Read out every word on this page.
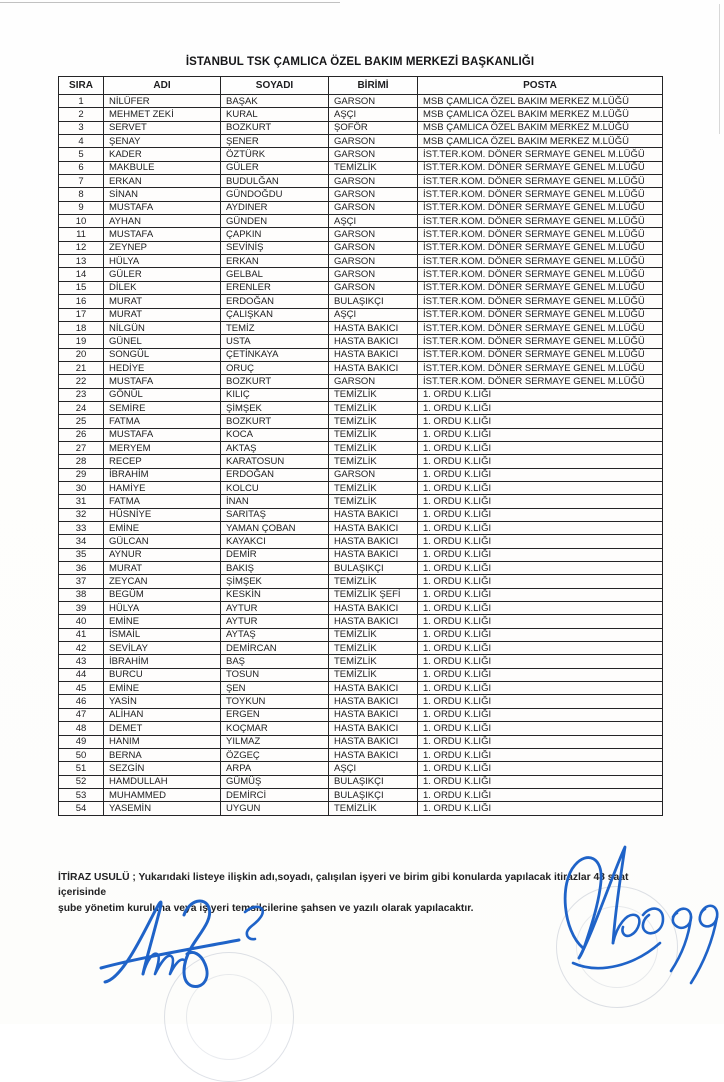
İSTANBUL TSK ÇAMLICA ÖZEL BAKIM MERKEZİ BAŞKANLIĞI
SIRA	ADI	SOYADI	BİRİMİ	POSTA
1	NİLÜFER	BAŞAK	GARSON	MSB ÇAMLICA ÖZEL BAKIM MERKEZ M.LÜĞÜ
2	MEHMET ZEKİ	KURAL	AŞÇI	MSB ÇAMLICA ÖZEL BAKIM MERKEZ M.LÜĞÜ
3	SERVET	BOZKURT	ŞOFÖR	MSB ÇAMLICA ÖZEL BAKIM MERKEZ M.LÜĞÜ
4	ŞENAY	ŞENER	GARSON	MSB ÇAMLICA ÖZEL BAKIM MERKEZ M.LÜĞÜ
5	KADER	ÖZTÜRK	GARSON	İST.TER.KOM. DÖNER SERMAYE GENEL M.LÜĞÜ
6	MAKBULE	GÜLER	TEMİZLİK	İST.TER.KOM. DÖNER SERMAYE GENEL M.LÜĞÜ
7	ERKAN	BUDULĞAN	GARSON	İST.TER.KOM. DÖNER SERMAYE GENEL M.LÜĞÜ
8	SİNAN	GÜNDOĞDU	GARSON	İST.TER.KOM. DÖNER SERMAYE GENEL M.LÜĞÜ
9	MUSTAFA	AYDINER	GARSON	İST.TER.KOM. DÖNER SERMAYE GENEL M.LÜĞÜ
10	AYHAN	GÜNDEN	AŞÇI	İST.TER.KOM. DÖNER SERMAYE GENEL M.LÜĞÜ
11	MUSTAFA	ÇAPKIN	GARSON	İST.TER.KOM. DÖNER SERMAYE GENEL M.LÜĞÜ
12	ZEYNEP	SEVİNİŞ	GARSON	İST.TER.KOM. DÖNER SERMAYE GENEL M.LÜĞÜ
13	HÜLYA	ERKAN	GARSON	İST.TER.KOM. DÖNER SERMAYE GENEL M.LÜĞÜ
14	GÜLER	GELBAL	GARSON	İST.TER.KOM. DÖNER SERMAYE GENEL M.LÜĞÜ
15	DİLEK	ERENLER	GARSON	İST.TER.KOM. DÖNER SERMAYE GENEL M.LÜĞÜ
16	MURAT	ERDOĞAN	BULAŞIKÇI	İST.TER.KOM. DÖNER SERMAYE GENEL M.LÜĞÜ
17	MURAT	ÇALIŞKAN	AŞÇI	İST.TER.KOM. DÖNER SERMAYE GENEL M.LÜĞÜ
18	NİLGÜN	TEMİZ	HASTA BAKICI	İST.TER.KOM. DÖNER SERMAYE GENEL M.LÜĞÜ
19	GÜNEL	USTA	HASTA BAKICI	İST.TER.KOM. DÖNER SERMAYE GENEL M.LÜĞÜ
20	SONGÜL	ÇETİNKAYA	HASTA BAKICI	İST.TER.KOM. DÖNER SERMAYE GENEL M.LÜĞÜ
21	HEDİYE	ORUÇ	HASTA BAKICI	İST.TER.KOM. DÖNER SERMAYE GENEL M.LÜĞÜ
22	MUSTAFA	BOZKURT	GARSON	İST.TER.KOM. DÖNER SERMAYE GENEL M.LÜĞÜ
23	GÖNÜL	KILIÇ	TEMİZLİK	1. ORDU K.LIĞI
24	SEMİRE	ŞİMŞEK	TEMİZLİK	1. ORDU K.LIĞI
25	FATMA	BOZKURT	TEMİZLİK	1. ORDU K.LIĞI
26	MUSTAFA	KOCA	TEMİZLİK	1. ORDU K.LIĞI
27	MERYEM	AKTAŞ	TEMİZLİK	1. ORDU K.LIĞI
28	RECEP	KARATOSUN	TEMİZLİK	1. ORDU K.LIĞI
29	İBRAHİM	ERDOĞAN	GARSON	1. ORDU K.LIĞI
30	HAMİYE	KOLCU	TEMİZLİK	1. ORDU K.LIĞI
31	FATMA	İNAN	TEMİZLİK	1. ORDU K.LIĞI
32	HÜSNİYE	SARITAŞ	HASTA BAKICI	1. ORDU K.LIĞI
33	EMİNE	YAMAN ÇOBAN	HASTA BAKICI	1. ORDU K.LIĞI
34	GÜLCAN	KAYAKCI	HASTA BAKICI	1. ORDU K.LIĞI
35	AYNUR	DEMİR	HASTA BAKICI	1. ORDU K.LIĞI
36	MURAT	BAKIŞ	BULAŞIKÇI	1. ORDU K.LIĞI
37	ZEYCAN	ŞİMŞEK	TEMİZLİK	1. ORDU K.LIĞI
38	BEGÜM	KESKİN	TEMİZLİK ŞEFİ	1. ORDU K.LIĞI
39	HÜLYA	AYTUR	HASTA BAKICI	1. ORDU K.LIĞI
40	EMİNE	AYTUR	HASTA BAKICI	1. ORDU K.LIĞI
41	İSMAİL	AYTAŞ	TEMİZLİK	1. ORDU K.LIĞI
42	SEVİLAY	DEMİRCAN	TEMİZLİK	1. ORDU K.LIĞI
43	İBRAHİM	BAŞ	TEMİZLİK	1. ORDU K.LIĞI
44	BURCU	TOSUN	TEMİZLİK	1. ORDU K.LIĞI
45	EMİNE	ŞEN	HASTA BAKICI	1. ORDU K.LIĞI
46	YASİN	TOYKUN	HASTA BAKICI	1. ORDU K.LIĞI
47	ALİHAN	ERGEN	HASTA BAKICI	1. ORDU K.LIĞI
48	DEMET	KOÇMAR	HASTA BAKICI	1. ORDU K.LIĞI
49	HANIM	YILMAZ	HASTA BAKICI	1. ORDU K.LIĞI
50	BERNA	ÖZGEÇ	HASTA BAKICI	1. ORDU K.LIĞI
51	SEZGİN	ARPA	AŞÇI	1. ORDU K.LIĞI
52	HAMDULLAH	GÜMÜŞ	BULAŞIKÇI	1. ORDU K.LIĞI
53	MUHAMMED	DEMİRCİ	BULAŞIKÇI	1. ORDU K.LIĞI
54	YASEMİN	UYGUN	TEMİZLİK	1. ORDU K.LIĞI
İTİRAZ USULÜ ; Yukarıdaki listeye ilişkin adı,soyadı, çalışılan işyeri ve birim gibi konularda yapılacak itirazlar 48 saat içerisinde
şube yönetim kuruluna veya iş yeri temsilcilerine şahsen ve yazılı olarak yapılacaktır.
